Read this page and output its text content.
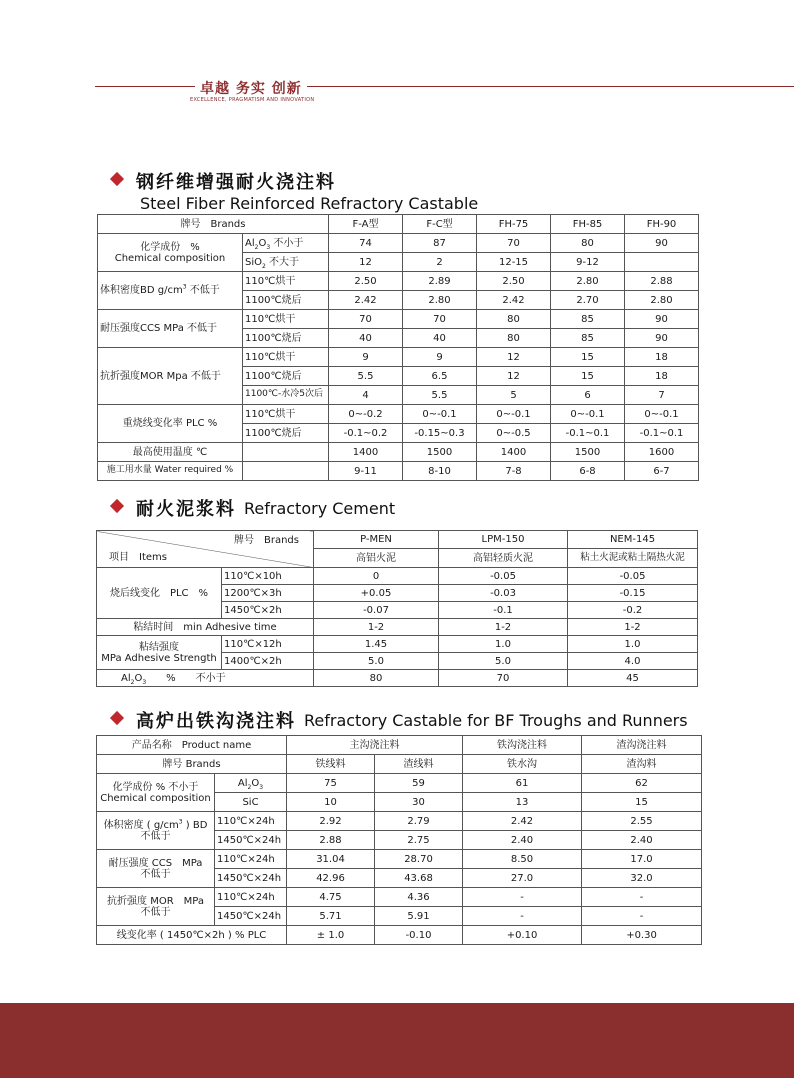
卓越 务实 创新
EXCELLENCE, PRAGMATISM AND INNOVATION
钢纤维增强耐火浇注料
Steel Fiber Reinforced Refractory Castable
牌号　Brands		F-A型	F-C型	FH-75	FH-85	FH-90

化学成份　%
Chemical composition	$Al_2O_3$ 不小于	74	87	70	80	90
	SiO$_2$ 不大于	12	2	12-15	9-12	
体积密度BD $g/cm^3$ 不低于	110℃烘干	2.50	2.89	2.50	2.80	2.88
	1100℃烧后	2.42	2.80	2.42	2.70	2.80
耐压强度CCS MPa 不低于	110℃烘干	70	70	80	85	90
	1100℃烧后	40	40	80	85	90
抗折强度MOR Mpa 不低于	110℃烘干	9	9	12	15	18
	1100℃烧后	5.5	6.5	12	15	18
	1100℃-水冷5次后	4	5.5	5	6	7
重烧线变化率 PLC %	110℃烘干	0~-0.2	0~-0.1	0~-0.1	0~-0.1	0~-0.1
	1100℃烧后	-0.1~0.2	-0.15~0.3	0~-0.5	-0.1~0.1	-0.1~0.1
最高使用温度 ℃		1400	1500	1400	1500	1600
施工用水量 Water required %		9-11	8-10	7-8	6-8	6-7
耐火泥浆料 Refractory Cement
牌号　Brands
项目　Items		P-MEN	LPM-150	NEM-145
		高铝火泥	高铝轻质火泥	粘土火泥或粘土隔热火泥
烧后线变化　PLC　%	110℃×10h	0	-0.05	-0.05
	1200℃×3h	+0.05	-0.03	-0.15
	1450℃×2h	-0.07	-0.1	-0.2
粘结时间　min Adhesive time		1-2	1-2	1-2

粘结强度
MPa Adhesive Strength	110℃×12h	1.45	1.0	1.0
	1400℃×2h	5.0	5.0	4.0
$Al_2O_3$　　%　　不小于		80	70	45
高炉出铁沟浇注料 Refractory Castable for BF Troughs and Runners
产品名称　Product name		主沟浇注料		铁沟浇注料	渣沟浇注料
牌号 Brands		铁线料	渣线料	铁水沟	渣沟料

化学成份 % 不小于
Chemical composition	$Al_2O_3$	75	59	61	62
	SiC	10	30	13	15

体积密度 ( $g/cm^3$ ) BD
不低于	110℃×24h	2.92	2.79	2.42	2.55
	1450℃×24h	2.88	2.75	2.40	2.40

耐压强度 CCS　MPa
不低于	110℃×24h	31.04	28.70	8.50	17.0
	1450℃×24h	42.96	43.68	27.0	32.0

抗折强度 MOR　MPa
不低于	110℃×24h	4.75	4.36	-	-
	1450℃×24h	5.71	5.91	-	-
线变化率 ( 1450℃×2h ) % PLC		± 1.0	-0.10	+0.10	+0.30
